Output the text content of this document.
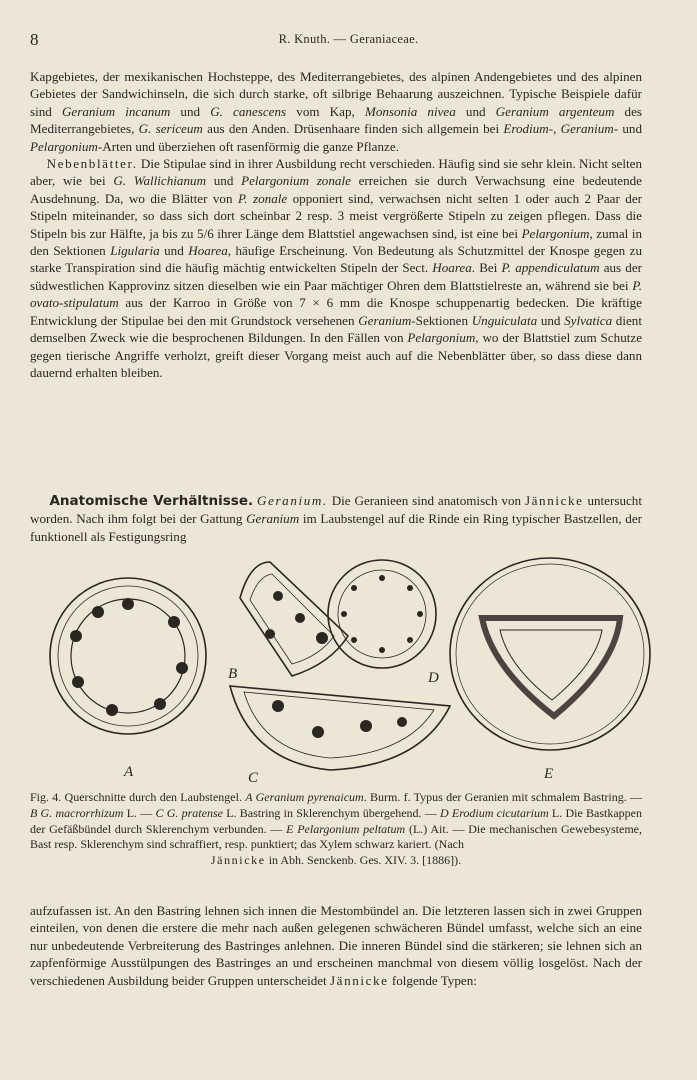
8	R. Knuth. — Geraniaceae.

Kapgebietes, der mexikanischen Hochsteppe, des Mediterrangebietes, des alpinen Andengebietes und des alpinen Gebietes der Sandwichinseln, die sich durch starke, oft silbrige Behaarung auszeichnen. Typische Beispiele dafür sind Geranium incanum und G. canescens vom Kap, Monsonia nivea und Geranium argenteum des Mediterrangebietes, G. sericeum aus den Anden. Drüsenhaare finden sich allgemein bei Erodium-, Geranium- und Pelargonium-Arten und überziehen oft rasenförmig die ganze Pflanze.

Nebenblätter. Die Stipulae sind in ihrer Ausbildung recht verschieden. Häufig sind sie sehr klein. Nicht selten aber, wie bei G. Wallichianum und Pelargonium zonale erreichen sie durch Verwachsung eine bedeutende Ausdehnung. Da, wo die Blätter von P. zonale opponiert sind, verwachsen nicht selten 1 oder auch 2 Paar der Stipeln miteinander, so dass sich dort scheinbar 2 resp. 3 meist vergrößerte Stipeln zu zeigen pflegen. Dass die Stipeln bis zur Hälfte, ja bis zu 5/6 ihrer Länge dem Blattstiel angewachsen sind, ist eine bei Pelargonium, zumal in den Sektionen Ligularia und Hoarea, häufige Erscheinung. Von Bedeutung als Schutzmittel der Knospe gegen zu starke Transpiration sind die häufig mächtig entwickelten Stipeln der Sect. Hoarea. Bei P. appendiculatum aus der südwestlichen Kapprovinz sitzen dieselben wie ein Paar mächtiger Ohren dem Blattstielreste an, während sie bei P. ovato-stipulatum aus der Karroo in Größe von 7 × 6 mm die Knospe schuppenartig bedecken. Die kräftige Entwicklung der Stipulae bei den mit Grundstock versehenen Geranium-Sektionen Unguiculata und Sylvatica dient demselben Zweck wie die besprochenen Bildungen. In den Fällen von Pelargonium, wo der Blattstiel zum Schutze gegen tierische Angriffe verholzt, greift dieser Vorgang meist auch auf die Nebenblätter über, so dass diese dann dauernd erhalten bleiben.

Anatomische Verhältnisse. Geranium. Die Geranieen sind anatomisch von Jännicke untersucht worden. Nach ihm folgt bei der Gattung Geranium im Laubstengel auf die Rinde ein Ring typischer Bastzellen, der funktionell als Festigungsring

A
B
C
D
E
Fig. 4. Querschnitte durch den Laubstengel. A Geranium pyrenaicum. Burm. f. Typus der Geranien mit schmalem Bastring. — B G. macrorrhizum L. — C G. pratense L. Bastring in Sklerenchym übergehend. — D Erodium cicutarium L. Die Bastkappen der Gefäßbündel durch Sklerenchym verbunden. — E Pelargonium peltatum (L.) Ait. — Die mechanischen Gewebesysteme, Bast resp. Sklerenchym sind schraffiert, resp. punktiert; das Xylem schwarz kariert. (Nach
Jännicke in Abh. Senckenb. Ges. XIV. 3. [1886]).

aufzufassen ist. An den Bastring lehnen sich innen die Mestombündel an. Die letzteren lassen sich in zwei Gruppen einteilen, von denen die erstere die mehr nach außen gelegenen schwächeren Bündel umfasst, welche sich an eine nur unbedeutende Verbreiterung des Bastringes anlehnen. Die inneren Bündel sind die stärkeren; sie lehnen sich an zapfenförmige Ausstülpungen des Bastringes an und erscheinen manchmal von diesem völlig losgelöst. Nach der verschiedenen Ausbildung beider Gruppen unterscheidet Jännicke folgende Typen:
